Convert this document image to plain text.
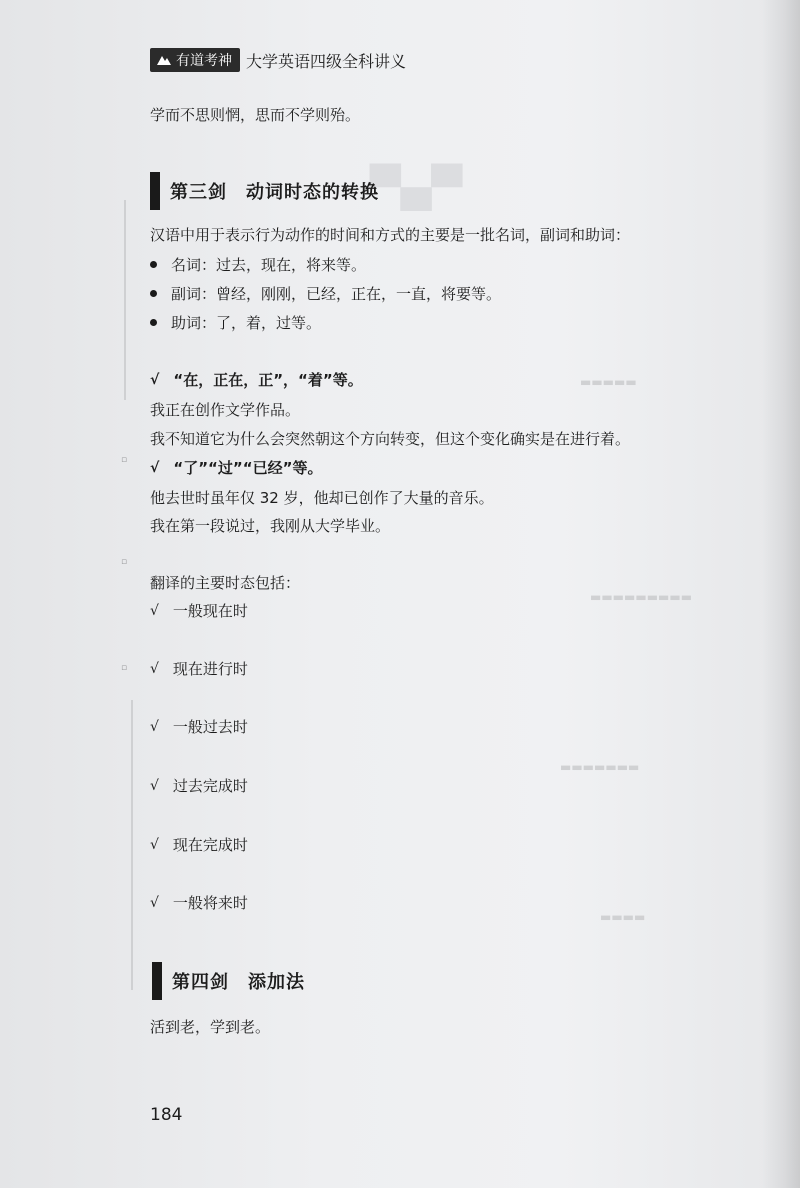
▀▄▀
▬▬▬▬▬
▬▬▬▬▬▬▬▬▬
▬▬▬▬▬▬▬
▬▬▬▬
▫
▫
▫
有道考神 大学英语四级全科讲义
学而不思则惘，思而不学则殆。
第三剑　动词时态的转换
汉语中用于表示行为动作的时间和方式的主要是一批名词，副词和助词：
名词：过去，现在，将来等。
副词：曾经，刚刚，已经，正在，一直，将要等。
助词：了，着，过等。
√ “在，正在，正”，“着”等。
我正在创作文学作品。
我不知道它为什么会突然朝这个方向转变，但这个变化确实是在进行着。
√ “了”“过”“已经”等。
他去世时虽年仅 32 岁，他却已创作了大量的音乐。
我在第一段说过，我刚从大学毕业。
翻译的主要时态包括：
√ 一般现在时
√ 现在进行时
√ 一般过去时
√ 过去完成时
√ 现在完成时
√ 一般将来时
第四剑　添加法
活到老，学到老。
184
